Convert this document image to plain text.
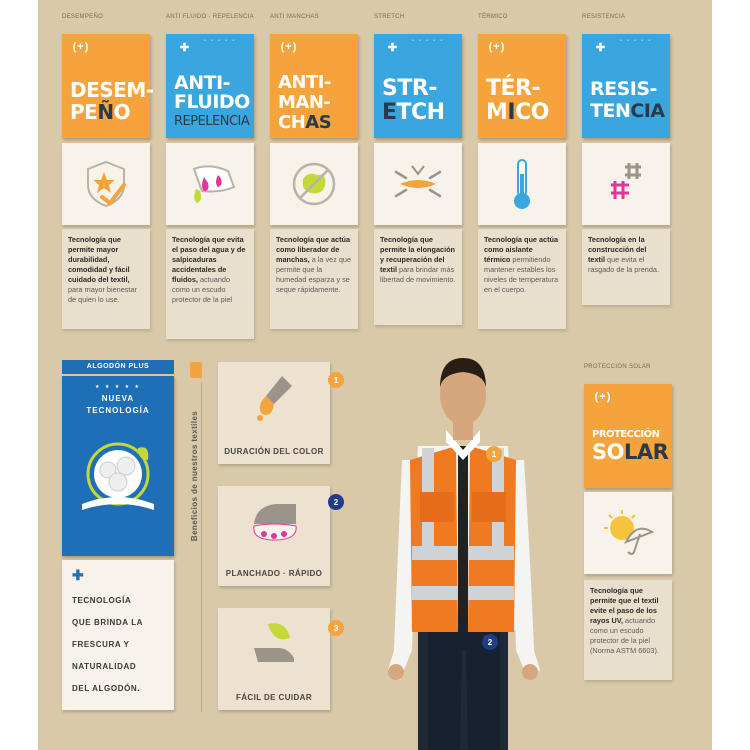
DESEMPEÑO	ANTI FLUIDO · REPELENCIA	ANTI MANCHAS	STRETCH	TÉRMICO	RESISTENCIA
(+)
DESEM-
PEÑO
✚
• • • • •
ANTI-
FLUIDO
REPELENCIA
(+)
ANTI-
MAN-
CHAS
✚
• • • • •
STR-
ETCH
(+)
TÉR-
MICO
✚
• • • • •
RESIS-
TENCIA
Tecnología que permite mayor durabilidad, comodidad y fácil cuidado del textil, para mayor bienestar de quien lo use.
Tecnología que evita el paso del agua y de salpicaduras accidentales de fluidos, actuando como un escudo protector de la piel
Tecnología que actúa como liberador de manchas, a la vez que permite que la humedad esparza y se seque rápidamente.
Tecnología que permite la elongación y recuperación del textil para brindar más libertad de movimiento.
Tecnología que actúa como aislante térmico permitiendo mantener estables los niveles de temperatura en el cuerpo.
Tecnología en la construcción del textil que evita el rasgado de la prenda.
ALGODÓN PLUS
★ ★ ★ ★ ★
NUEVA
TECNOLOGÍA
✚
TECNOLOGÍA
QUE BRINDA LA
FRESCURA Y
NATURALIDAD
DEL ALGODÓN.
Beneficios de nuestros textiles	DURACIÓN DEL COLOR
1
PLANCHADO · RÁPIDO
2
FÁCIL DE CUIDAR
3
1
2
PROTECCIÓN SOLAR
(+)
PROTECCIÓN
SOLAR
Tecnología que permite que el textil evite el paso de los rayos UV, actuando como un escudo protector de la piel (Norma ASTM 6603).
